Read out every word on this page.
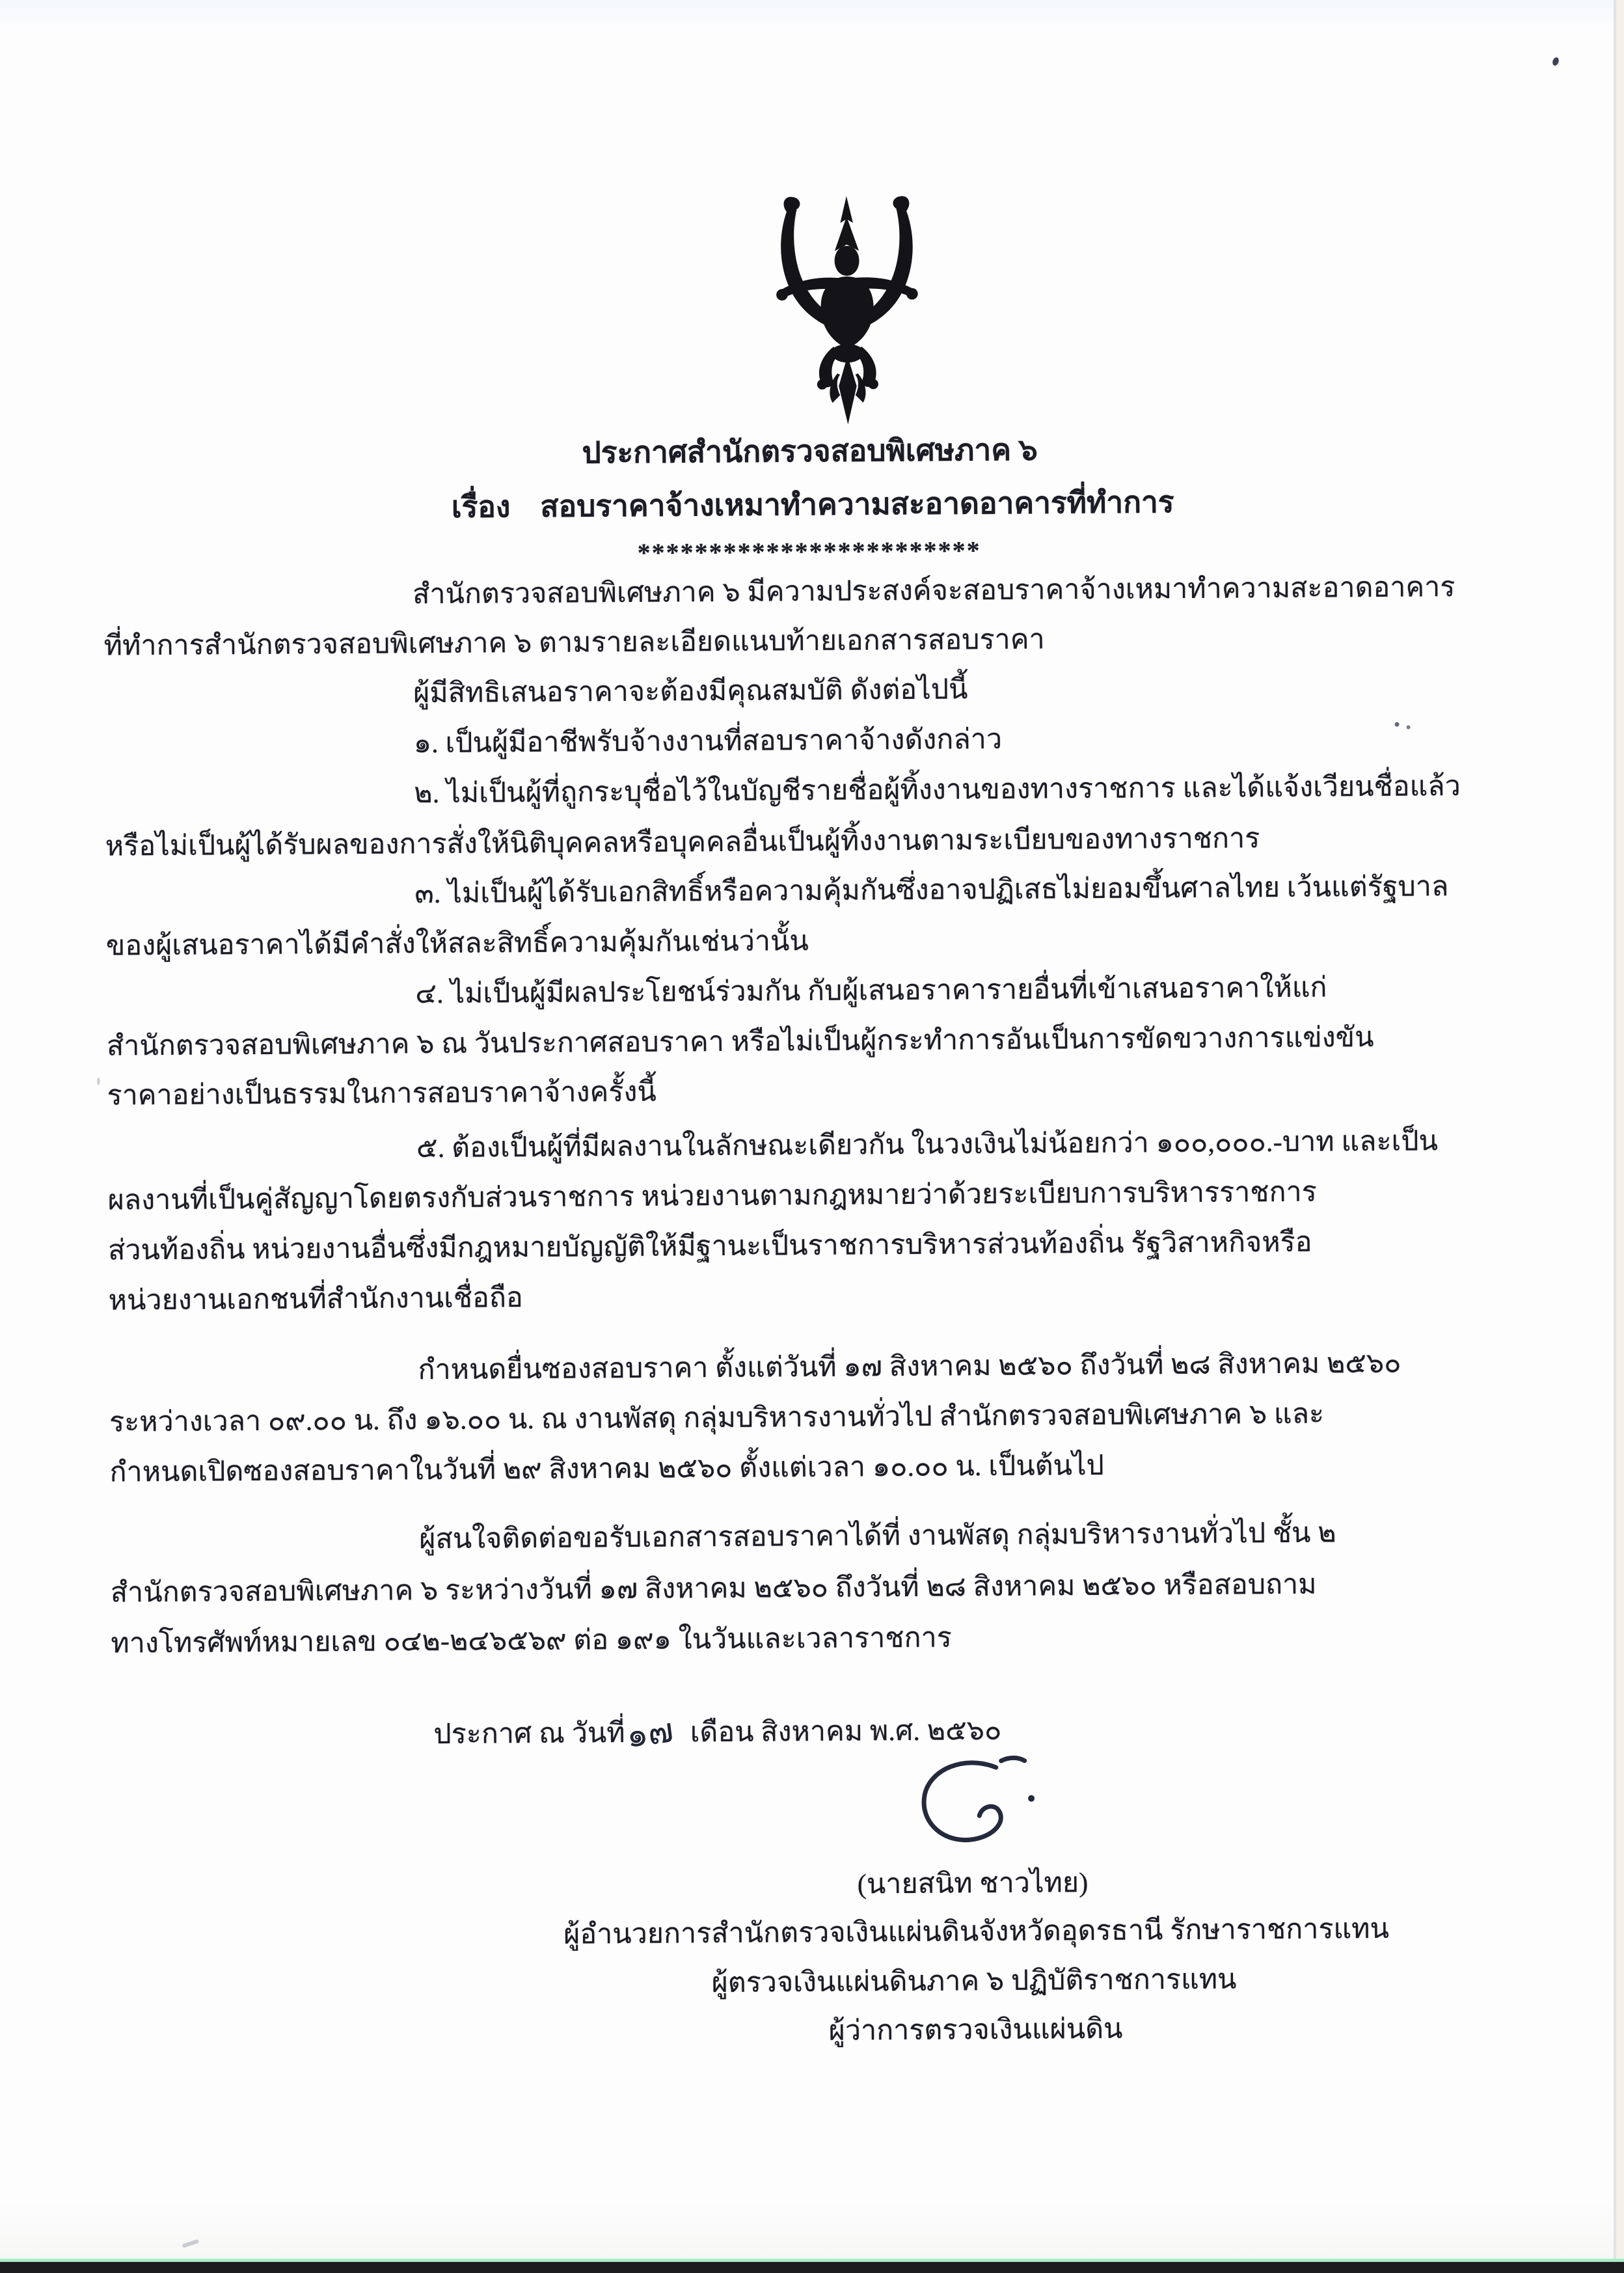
ประกาศสำนักตรวจสอบพิเศษภาค ๖
เรื่อง สอบราคาจ้างเหมาทำความสะอาดอาคารที่ทำการ
************************
สำนักตรวจสอบพิเศษภาค ๖ มีความประสงค์จะสอบราคาจ้างเหมาทำความสะอาดอาคาร
ที่ทำการสำนักตรวจสอบพิเศษภาค ๖ ตามรายละเอียดแนบท้ายเอกสารสอบราคา
ผู้มีสิทธิเสนอราคาจะต้องมีคุณสมบัติ ดังต่อไปนี้
๑. เป็นผู้มีอาชีพรับจ้างงานที่สอบราคาจ้างดังกล่าว
๒. ไม่เป็นผู้ที่ถูกระบุชื่อไว้ในบัญชีรายชื่อผู้ทิ้งงานของทางราชการ และได้แจ้งเวียนชื่อแล้ว
หรือไม่เป็นผู้ได้รับผลของการสั่งให้นิติบุคคลหรือบุคคลอื่นเป็นผู้ทิ้งงานตามระเบียบของทางราชการ
๓. ไม่เป็นผู้ได้รับเอกสิทธิ์หรือความคุ้มกันซึ่งอาจปฏิเสธไม่ยอมขึ้นศาลไทย เว้นแต่รัฐบาล
ของผู้เสนอราคาได้มีคำสั่งให้สละสิทธิ์ความคุ้มกันเช่นว่านั้น
๔. ไม่เป็นผู้มีผลประโยชน์ร่วมกัน กับผู้เสนอราคารายอื่นที่เข้าเสนอราคาให้แก่
สำนักตรวจสอบพิเศษภาค ๖ ณ วันประกาศสอบราคา หรือไม่เป็นผู้กระทำการอันเป็นการขัดขวางการแข่งขัน
ราคาอย่างเป็นธรรมในการสอบราคาจ้างครั้งนี้
๕. ต้องเป็นผู้ที่มีผลงานในลักษณะเดียวกัน ในวงเงินไม่น้อยกว่า ๑๐๐,๐๐๐.-บาท และเป็น
ผลงานที่เป็นคู่สัญญาโดยตรงกับส่วนราชการ หน่วยงานตามกฎหมายว่าด้วยระเบียบการบริหารราชการ
ส่วนท้องถิ่น หน่วยงานอื่นซึ่งมีกฎหมายบัญญัติให้มีฐานะเป็นราชการบริหารส่วนท้องถิ่น รัฐวิสาหกิจหรือ
หน่วยงานเอกชนที่สำนักงานเชื่อถือ
กำหนดยื่นซองสอบราคา ตั้งแต่วันที่ ๑๗ สิงหาคม ๒๕๖๐ ถึงวันที่ ๒๘ สิงหาคม ๒๕๖๐
ระหว่างเวลา ๐๙.๐๐ น. ถึง ๑๖.๐๐ น. ณ งานพัสดุ กลุ่มบริหารงานทั่วไป สำนักตรวจสอบพิเศษภาค ๖ และ
กำหนดเปิดซองสอบราคาในวันที่ ๒๙ สิงหาคม ๒๕๖๐ ตั้งแต่เวลา ๑๐.๐๐ น. เป็นต้นไป
ผู้สนใจติดต่อขอรับเอกสารสอบราคาได้ที่ งานพัสดุ กลุ่มบริหารงานทั่วไป ชั้น ๒
สำนักตรวจสอบพิเศษภาค ๖ ระหว่างวันที่ ๑๗ สิงหาคม ๒๕๖๐ ถึงวันที่ ๒๘ สิงหาคม ๒๕๖๐ หรือสอบถาม
ทางโทรศัพท์หมายเลข ๐๔๒-๒๔๖๕๖๙ ต่อ ๑๙๑ ในวันและเวลาราชการ
ประกาศ ณ วันที่๑๗ เดือน สิงหาคม พ.ศ. ๒๕๖๐
(นายสนิท ชาวไทย)
ผู้อำนวยการสำนักตรวจเงินแผ่นดินจังหวัดอุดรธานี รักษาราชการแทน
ผู้ตรวจเงินแผ่นดินภาค ๖ ปฏิบัติราชการแทน
ผู้ว่าการตรวจเงินแผ่นดิน
